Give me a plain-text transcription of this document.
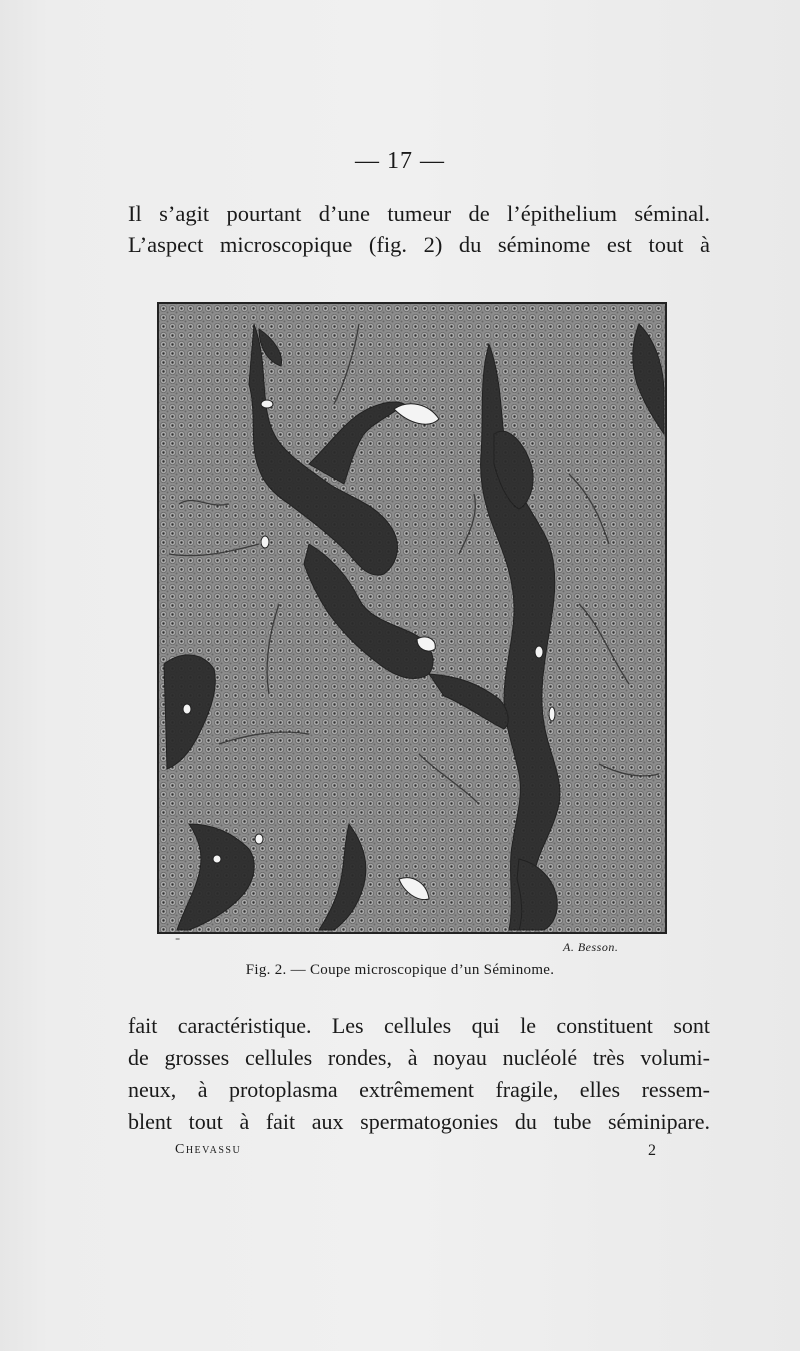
— 17 —

Il s’agit pourtant d’une tumeur de l’épithelium séminal.
L’aspect microscopique (fig. 2) du séminome est tout à

⁼	A. Besson.
Fig. 2. — Coupe microscopique d’un Séminome.

fait caractéristique. Les cellules qui le constituent sont
de grosses cellules rondes, à noyau nucléolé très volumi-
neux, à protoplasma extrêmement fragile, elles ressem-
blent tout à fait aux spermatogonies du tube séminipare.

Chevassu	2
